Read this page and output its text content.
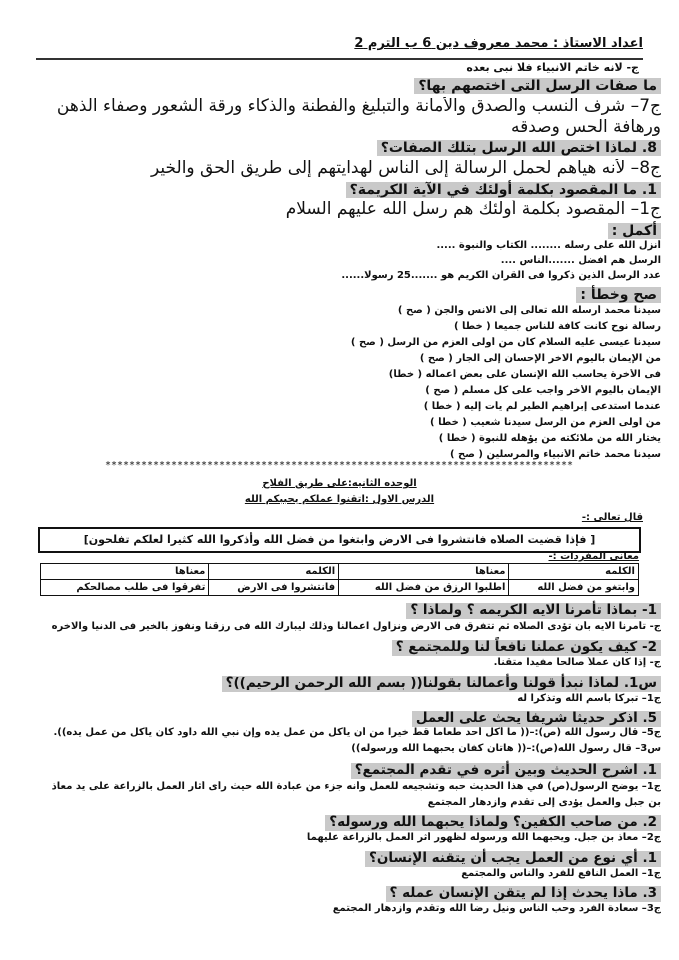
اعداد الاستاذ : محمد معروف دين 6 ب الترم 2
ج- لانه خاتم الانبياء فلا نبى بعده
ما صفات الرسل التى اختصهم بها؟
ج7– شرف النسب والصدق والأمانة والتبليغ والفطنة والذكاء ورقة الشعور وصفاء الذهن
ورهافة الحس وصدقه
8. لماذا اختص الله الرسل بتلك الصفات؟
ج8– لأنه هيأهم لحمل الرسالة إلى الناس لهدايتهم إلى طريق الحق والخير
1. ما المقصود بكلمة أولئك في الآية الكريمة؟
ج1– المقصود بكلمة أولئك هم رسل الله عليهم السلام
أكمل :
أنزل الله على رسله ........ الكتاب والنبوة .....
الرسل هم أفضل .......الناس ....
عدد الرسل الذين ذكروا فى القرآن الكريم هو .......25 رسولا......
صح وخطأ :
سيدنا محمد أرسله الله تعالى إلى الانس والجن ( صح )
رسالة نوح كانت كافة للناس جميعا ( خطأ )
سيدنا عيسى عليه السلام كان من أولى العزم من الرسل ( صح )
من الإيمان باليوم الاخر الإحسان إلى الجار ( صح )
فى الأخرة يحاسب الله الإنسان على بعض أعماله ( خطأ)
الإيمان باليوم الأخر واجب على كل مسلم ( صح )
عندما استدعى إبراهيم الطير لم يأت إليه ( خطأ )
من أولى العزم من الرسل سيدنا شعيب ( خطأ )
يختار الله من ملائكته من يؤهله للنبوة ( خطأ )
سيدنا محمد خاتم الأنبياء والمرسلين ( صح )
******************************************************************************
الوحده الثانيه:على طريق الفلاح
الدرس الاول :اتقنوا عملكم يحببكم الله
قال تعالى :-
[ فإذا قضيت الصلاه فانتشروا فى الارض وابتغوا من فضل الله وأذكروا الله كثيرا لعلكم تفلحون]
معانى المفردات :-
الكلمه	معناها	الكلمه	معناها
وابتغو من فضل الله	اطلبوا الرزق من فضل الله	فانتشروا فى الارض	تفرقوا فى طلب مصالحكم
1- بماذا تأمرنا الايه الكريمه ؟ ولماذا ؟
ج- تأمرنا الايه بأن تؤدى الصلاه ثم تتفرق فى الارض ونزاول اعمالنا وذلك ليبارك الله فى رزقنا ونفوز بالخير فى الدنيا والاخره
2- كيف يكون عملنا نافعاً لنا وللمجتمع ؟
ج- إذا كان عملاً صالحاً مفيداً متقناً.
س1. لماذا نبدأ قولنا وأعمالنا بقولنا(( بسم الله الرحمن الرحيم))؟
ج1– تبركا باسم الله وتذكرا له
5. اذكر حديثا شريفا يحث على العمل
ج5– قال رسول الله (ص):–(( ما أكل أحد طعاما قط خيرا من أن يأكل من عمل يده وإن نبي الله داود كان يأكل من عمل يده)).
س3– قال رسول الله(ص):–(( هاتان كفان يحبهما الله ورسوله))
1. اشرح الحديث وبين أثره في تقدم المجتمع؟
ج1– يوضح الرسول(ص) في هذا الحديث حبه وتشجيعه للعمل وأنه جزء من عبادة الله حيث رأى أثار العمل بالزراعة على يد معاذ
بن جبل والعمل يؤدى إلى تقدم وازدهار المجتمع
2. من صاحب الكفين؟ ولماذا يحبهما الله ورسوله؟
ج2– معاذ بن جبل. ويحبهما الله ورسوله لظهور أثر العمل بالزراعة عليهما
1. أي نوع من العمل يجب أن يتقنه الإنسان؟
ج1– العمل النافع للفرد والناس والمجتمع
3. ماذا يحدث إذا لم يتقن الإنسان عمله ؟
ج3– سعادة الفرد وحب الناس ونيل رضا الله وتقدم وازدهار المجتمع
